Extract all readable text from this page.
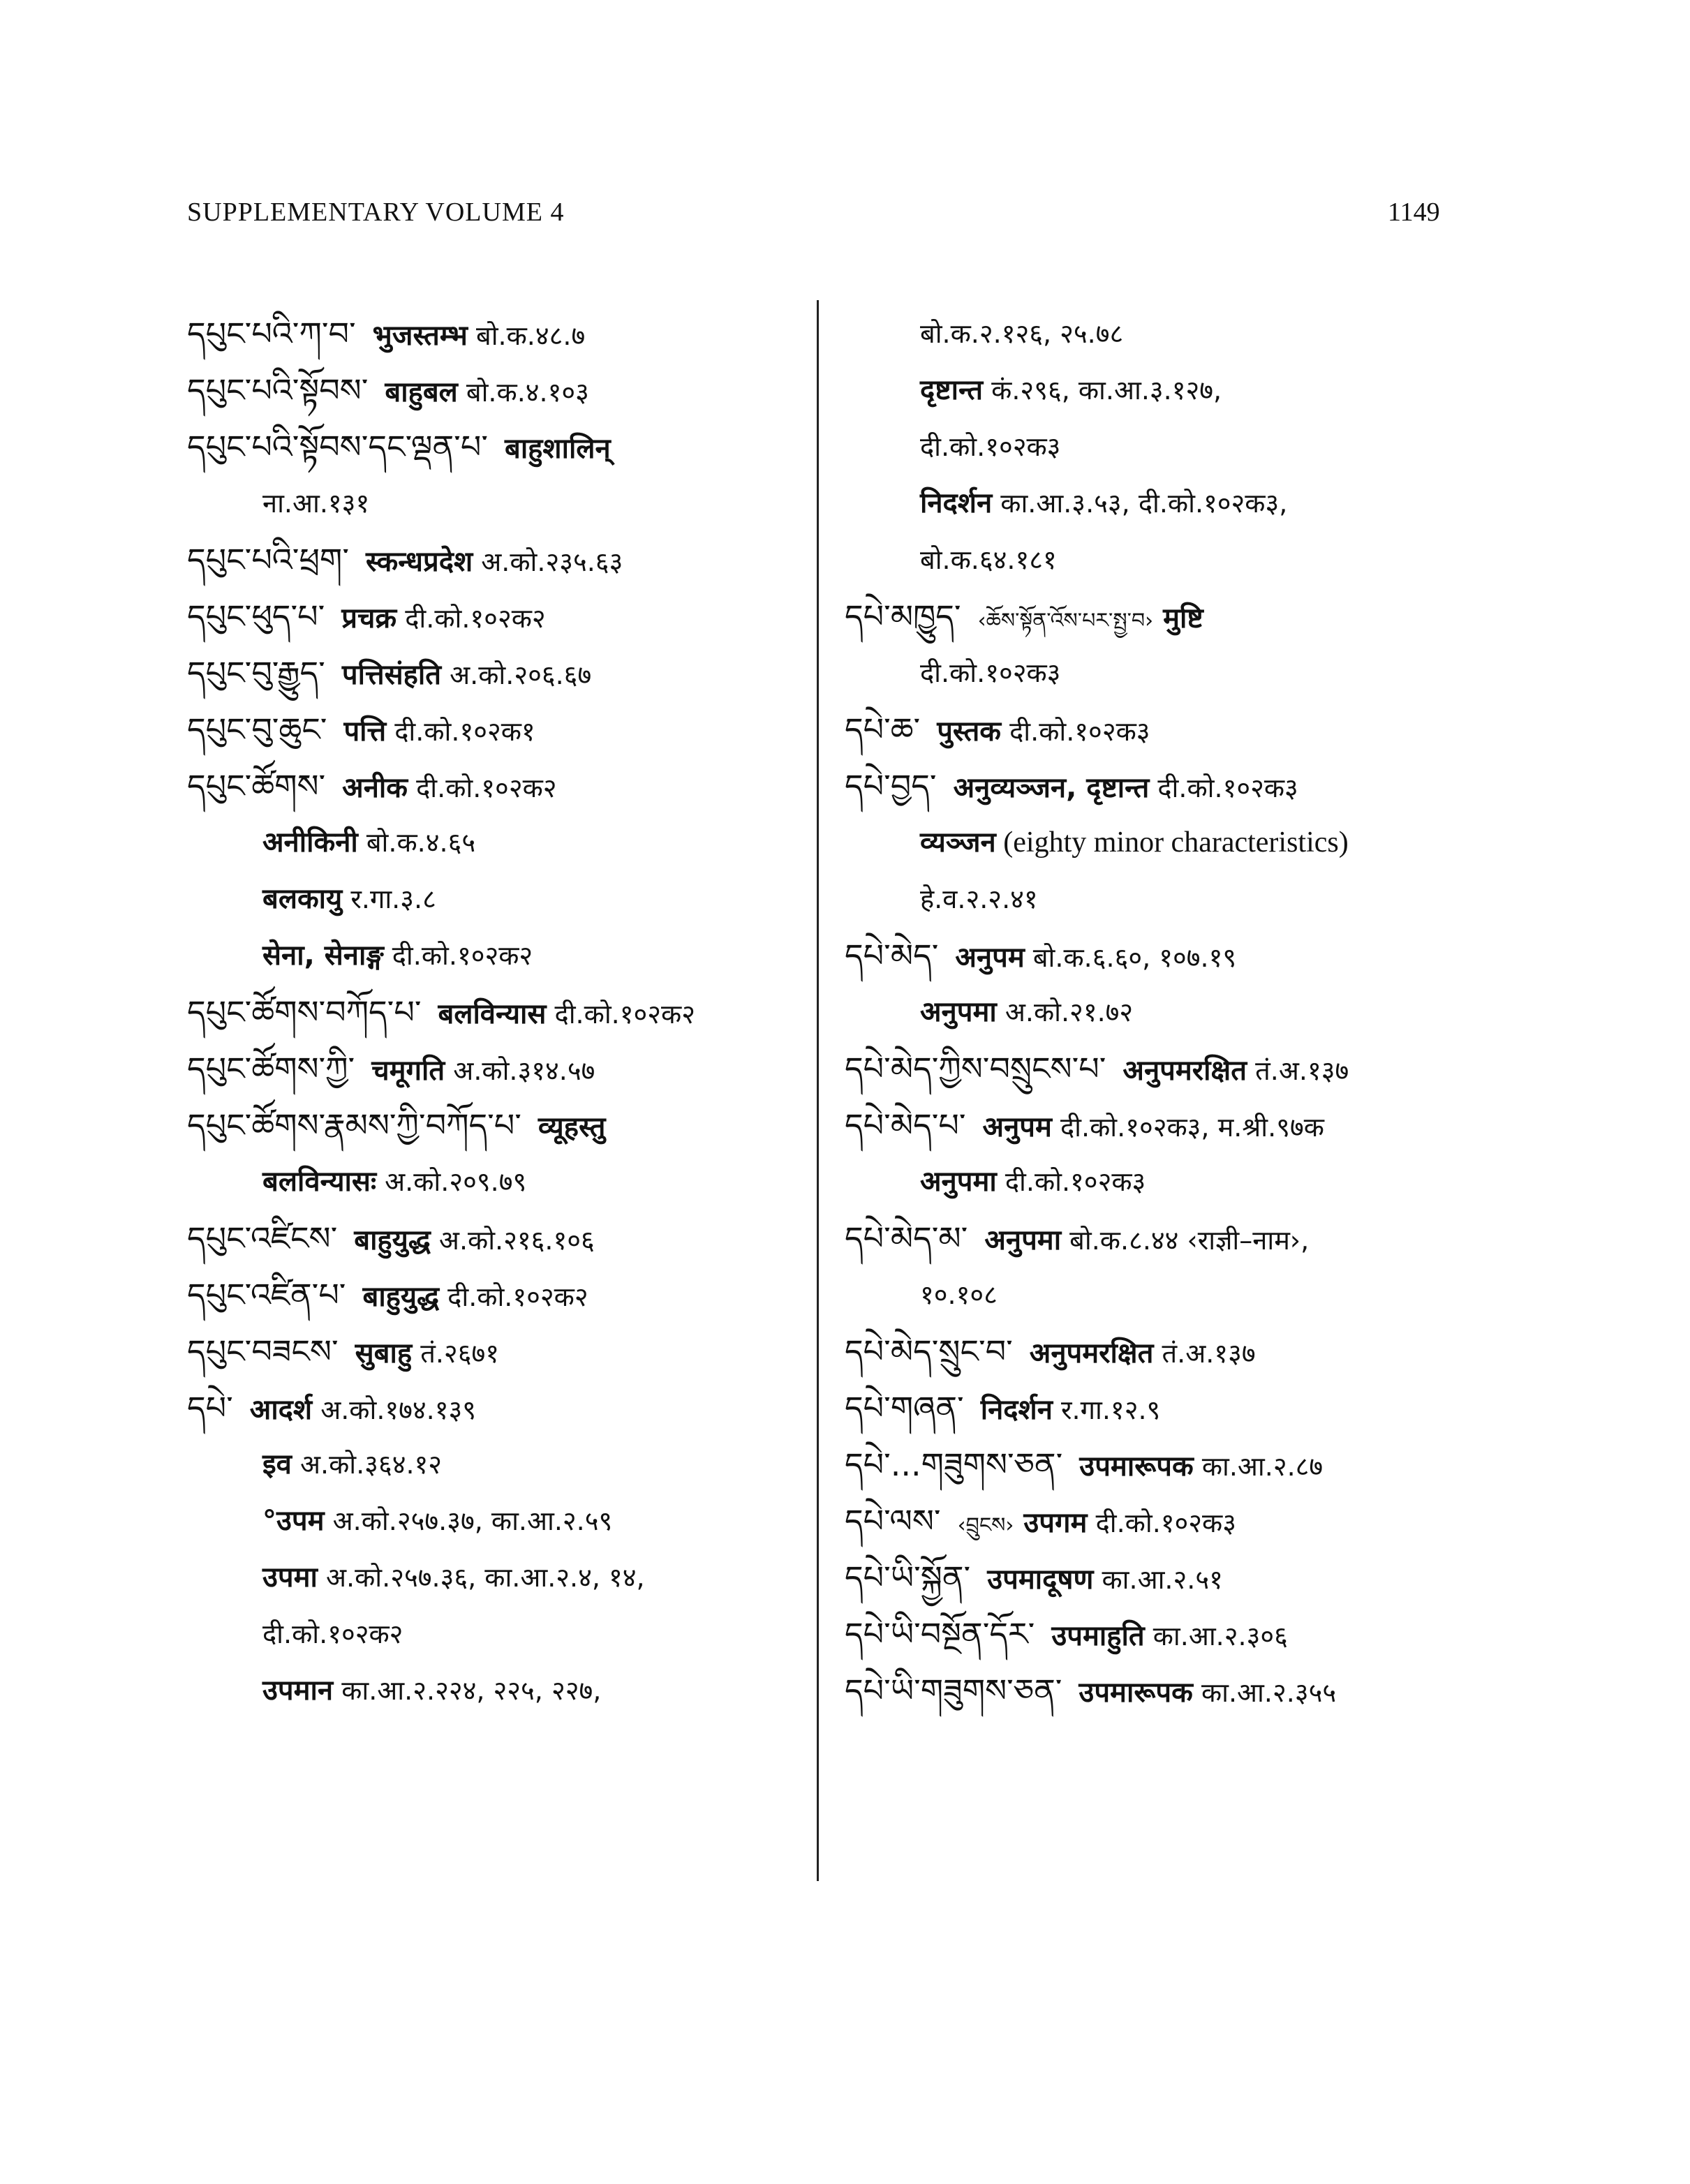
SUPPLEMENTARY VOLUME 4	1149
དཔུང་པའི་ཀ་བ་ भुजस्तम्भ बो.क.४८.७
དཔུང་པའི་སྟོབས་ बाहुबल बो.क.४.१०३
དཔུང་པའི་སྟོབས་དང་ལྡན་པ་ बाहुशालिन्
ना.आ.१३१
དཔུང་པའི་ཕྲག་ स्कन्धप्रदेश अ.को.२३५.६३
དཔུང་ཕུད་པ་ प्रचक्र दी.को.१०२क२
དཔུང་བུ་རྒྱུད་ पत्तिसंहति अ.को.२०६.६७
དཔུང་བུ་ཆུང་ पत्ति दी.को.१०२क१
དཔུང་ཚོགས་ अनीक दी.को.१०२क२
अनीकिनी बो.क.४.६५
बलकायु र.गा.३.८
सेना, सेनाङ्ग दी.को.१०२क२
དཔུང་ཚོགས་བཀོད་པ་ बलविन्यास दी.को.१०२क२
དཔུང་ཚོགས་ཀྱི་ चमूगति अ.को.३१४.५७
དཔུང་ཚོགས་རྣམས་ཀྱི་བཀོད་པ་ व्यूहस्तु
बलविन्यासः अ.को.२०९.७९
དཔུང་འཛིངས་ बाहुयुद्ध अ.को.२१६.१०६
དཔུང་འཛིན་པ་ बाहुयुद्ध दी.को.१०२क२
དཔུང་བཟངས་ सुबाहु तं.२६७१
དཔེ་ आदर्श अ.को.१७४.१३९
इव अ.को.३६४.१२
°उपम अ.को.२५७.३७, का.आ.२.५९
उपमा अ.को.२५७.३६, का.आ.२.४, १४,
दी.को.१०२क२
उपमान का.आ.२.२२४, २२५, २२७,
बो.क.२.१२६, २५.७८
दृष्टान्त कं.२९६, का.आ.३.१२७,
दी.को.१०२क३
निदर्शन का.आ.३.५३, दी.को.१०२क३,
बो.क.६४.१८१
དཔེ་མཁྱུད་ ‹ཆོས་སྟོན་འོས་པར་སྤྱ་བ› मुष्टि
दी.को.१०२क३
དཔེ་ཆ་ पुस्तक दी.को.१०२क३
དཔེ་བྱད་ अनुव्यञ्जन, दृष्टान्त दी.को.१०२क३
व्यञ्जन (eighty minor characteristics)
हे.व.२.२.४१
དཔེ་མེད་ अनुपम बो.क.६.६०, १०७.१९
अनुपमा अ.को.२१.७२
དཔེ་མེད་ཀྱིས་བསྲུངས་པ་ अनुपमरक्षित तं.अ.१३७
དཔེ་མེད་པ་ अनुपम दी.को.१०२क३, म.श्री.९७क
अनुपमा दी.को.१०२क३
དཔེ་མེད་མ་ अनुपमा बो.क.८.४४ ‹राज्ञी–नाम›,
१०.१०८
དཔེ་མེད་སྲུང་བ་ अनुपमरक्षित तं.अ.१३७
དཔེ་གཞན་ निदर्शन र.गा.१२.९
དཔེ་...གཟུགས་ཅན་ उपमारूपक का.आ.२.८७
དཔེ་ལས་ ‹བྲུངས› उपगम दी.को.१०२क३
དཔེ་ཡི་སྐྱོན་ उपमादूषण का.आ.२.५१
དཔེ་ཡི་བསྔོན་དོར་ उपमाहुति का.आ.२.३०६
དཔེ་ཡི་གཟུགས་ཅན་ उपमारूपक का.आ.२.३५५
